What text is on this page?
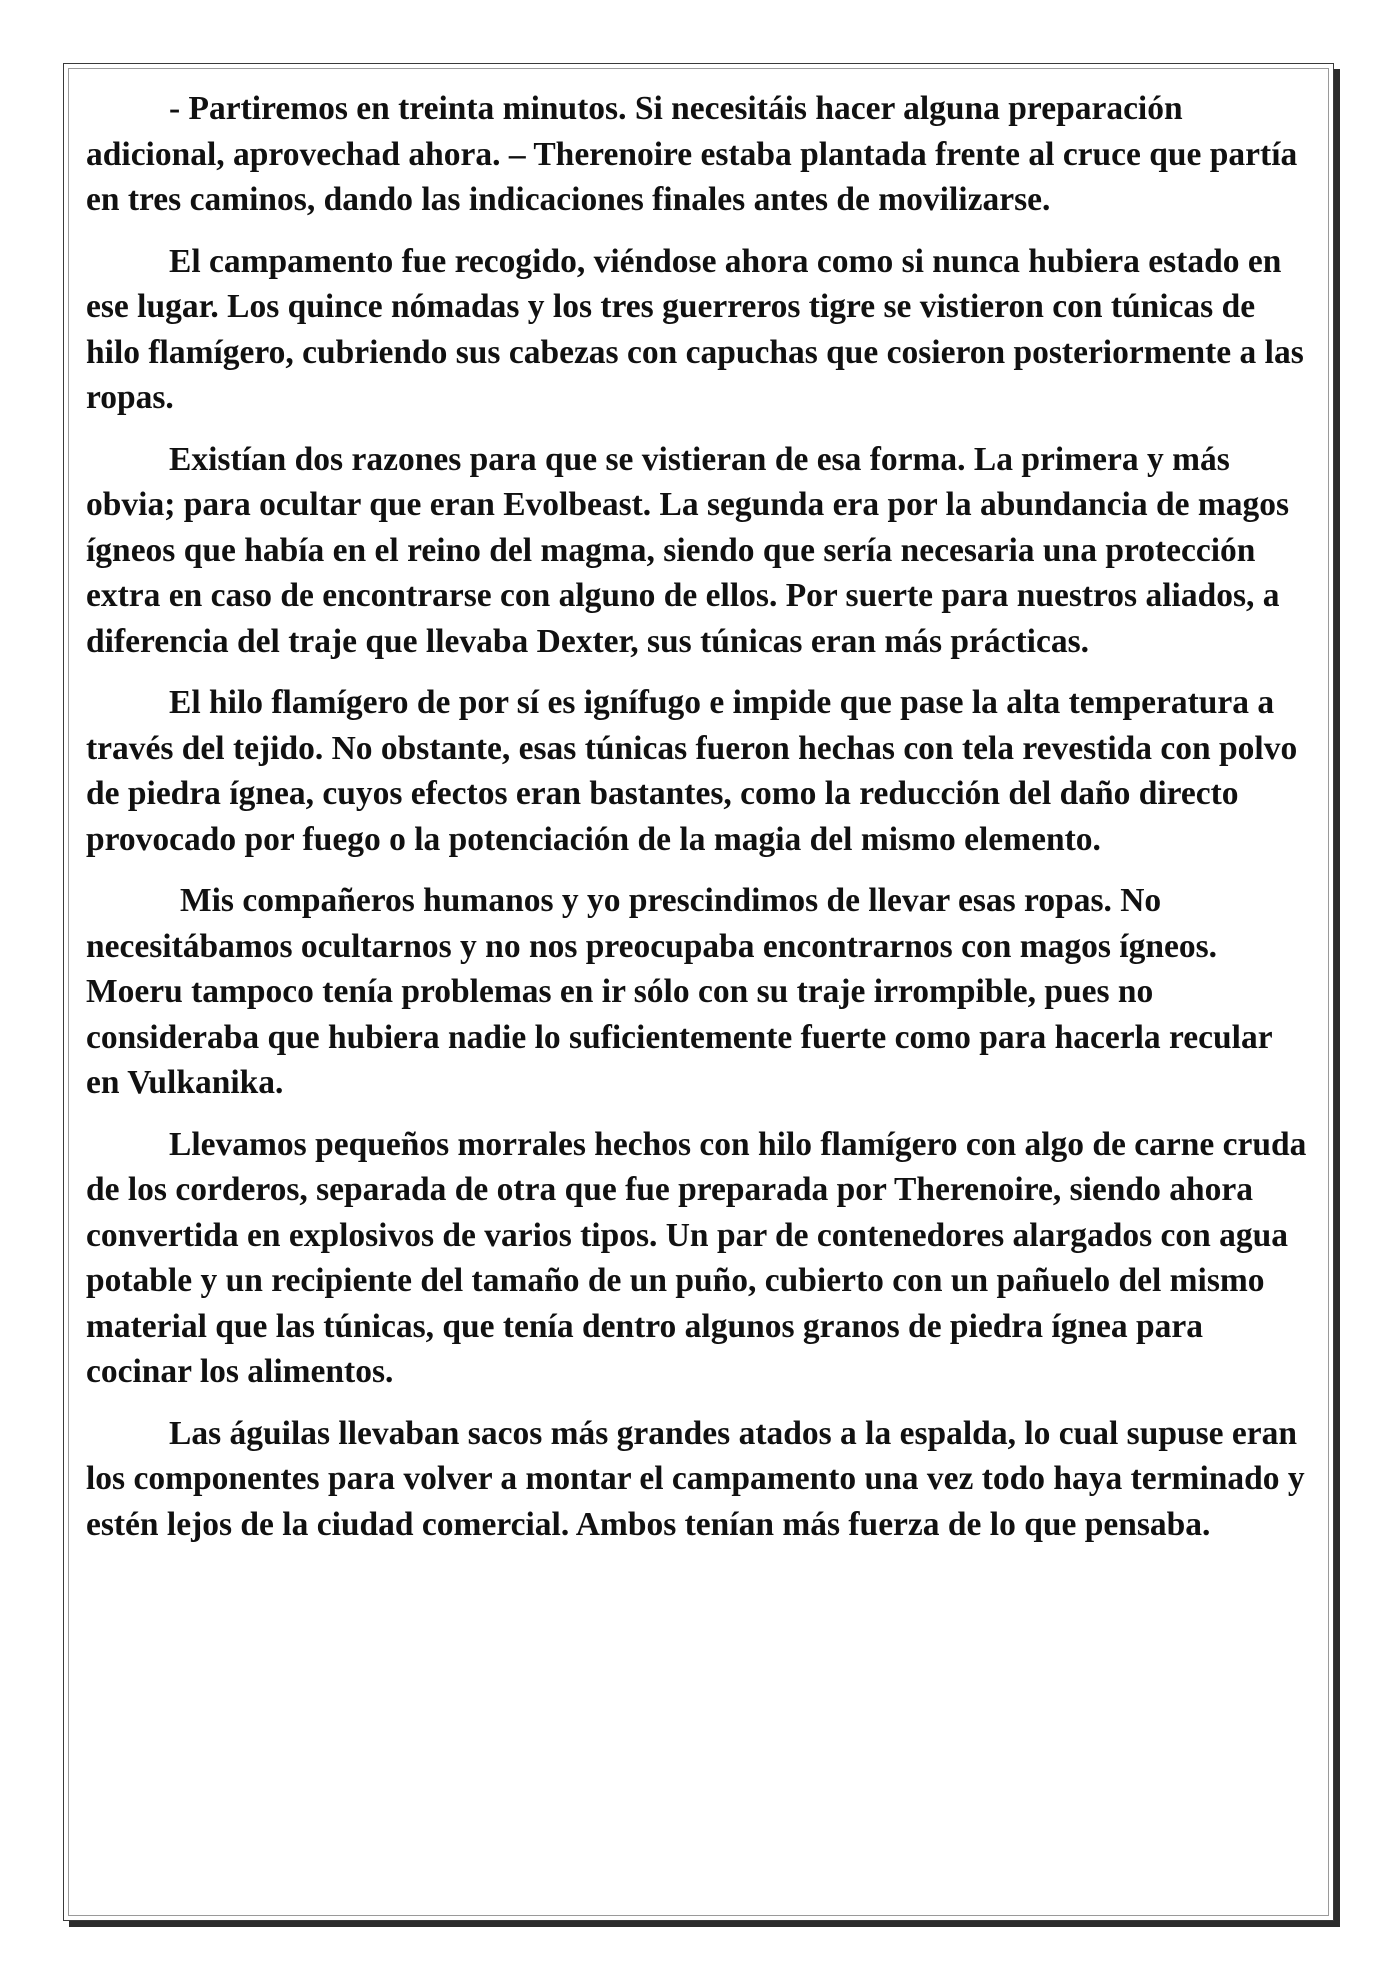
- Partiremos en treinta minutos. Si necesitáis hacer alguna preparación adicional, aprovechad ahora. – Therenoire estaba plantada frente al cruce que partía en tres caminos, dando las indicaciones finales antes de movilizarse.

El campamento fue recogido, viéndose ahora como si nunca hubiera estado en ese lugar. Los quince nómadas y los tres guerreros tigre se vistieron con túnicas de hilo flamígero, cubriendo sus cabezas con capuchas que cosieron posteriormente a las ropas.

Existían dos razones para que se vistieran de esa forma. La primera y más obvia; para ocultar que eran Evolbeast. La segunda era por la abundancia de magos ígneos que había en el reino del magma, siendo que sería necesaria una protección extra en caso de encontrarse con alguno de ellos. Por suerte para nuestros aliados, a diferencia del traje que llevaba Dexter, sus túnicas eran más prácticas.

El hilo flamígero de por sí es ignífugo e impide que pase la alta temperatura a través del tejido. No obstante, esas túnicas fueron hechas con tela revestida con polvo de piedra ígnea, cuyos efectos eran bastantes, como la reducción del daño directo provocado por fuego o la potenciación de la magia del mismo elemento.

Mis compañeros humanos y yo prescindimos de llevar esas ropas. No necesitábamos ocultarnos y no nos preocupaba encontrarnos con magos ígneos. Moeru tampoco tenía problemas en ir sólo con su traje irrompible, pues no consideraba que hubiera nadie lo suficientemente fuerte como para hacerla recular en Vulkanika.

Llevamos pequeños morrales hechos con hilo flamígero con algo de carne cruda de los corderos, separada de otra que fue preparada por Therenoire, siendo ahora convertida en explosivos de varios tipos. Un par de contenedores alargados con agua potable y un recipiente del tamaño de un puño, cubierto con un pañuelo del mismo material que las túnicas, que tenía dentro algunos granos de piedra ígnea para cocinar los alimentos.

Las águilas llevaban sacos más grandes atados a la espalda, lo cual supuse eran los componentes para volver a montar el campamento una vez todo haya terminado y estén lejos de la ciudad comercial. Ambos tenían más fuerza de lo que pensaba.
